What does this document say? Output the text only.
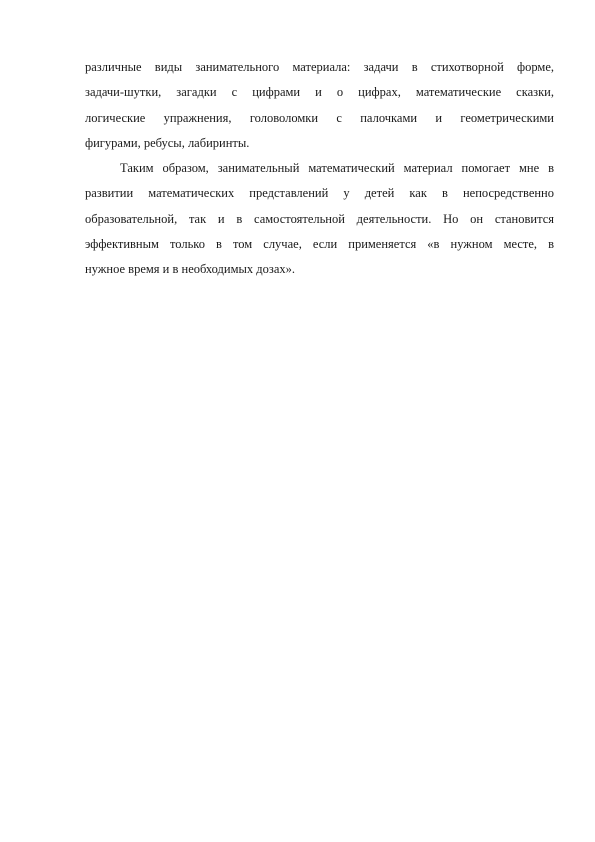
различные виды занимательного материала: задачи в стихотворной форме,
задачи-шутки, загадки с цифрами и о цифрах, математические сказки,
логические упражнения, головоломки с палочками и геометрическими
фигурами, ребусы, лабиринты.
Таким образом, занимательный математический материал помогает мне в
развитии математических представлений у детей как в непосредственно
образовательной, так и в самостоятельной деятельности. Но он становится
эффективным только в том случае, если применяется «в нужном месте, в
нужное время и в необходимых дозах».
